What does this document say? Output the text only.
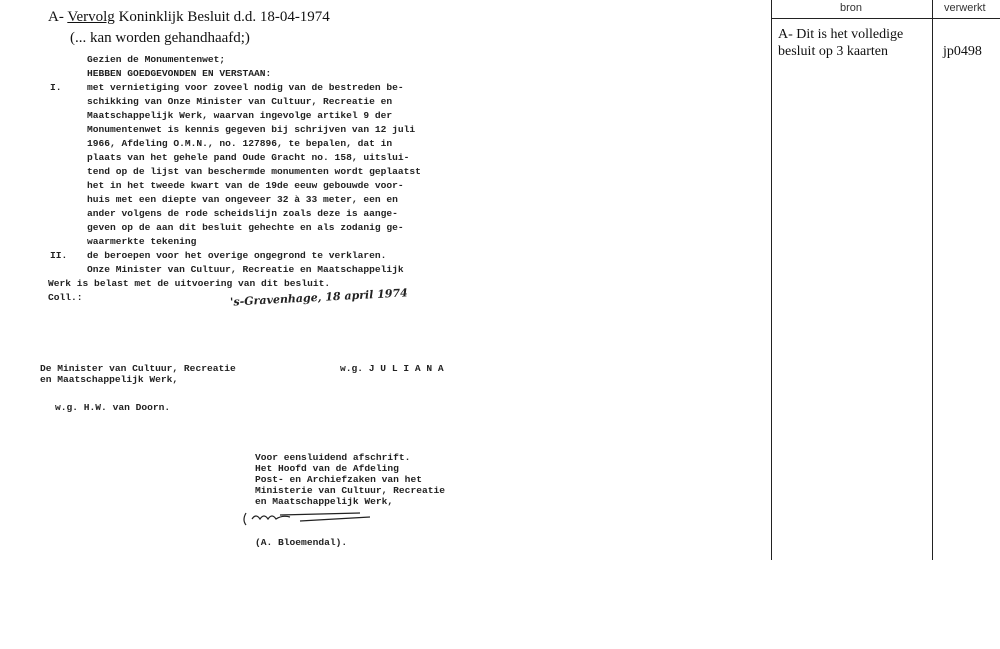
A- Vervolg Koninklijk Besluit d.d. 18-04-1974
(... kan worden gehandhaafd;)

Gezien de Monumentenwet;

HEBBEN GOEDGEVONDEN EN VERSTAAN:

I.

	met vernietiging voor zoveel nodig van de bestreden be-

schikking van Onze Minister van Cultuur, Recreatie en

Maatschappelijk Werk, waarvan ingevolge artikel 9 der

Monumentenwet is kennis gegeven bij schrijven van 12 juli

1966, Afdeling O.M.N., no. 127896, te bepalen, dat in

plaats van het gehele pand Oude Gracht no. 158, uitslui-

tend op de lijst van beschermde monumenten wordt geplaatst

het in het tweede kwart van de 19de eeuw gebouwde voor-

huis met een diepte van ongeveer 32 à 33 meter, een en

ander volgens de rode scheidslijn zoals deze is aange-

geven op de aan dit besluit gehechte en als zodanig ge-

waarmerkte tekening

II.

de beroepen voor het overige ongegrond te verklaren.

Onze Minister van Cultuur, Recreatie en Maatschappelijk

Werk is belast met de uitvoering van dit besluit.

Coll.:

	's-Gravenhage, 18 april 1974

De Minister van Cultuur, Recreatie

en Maatschappelijk Werk,

w.g. J U L I A N A

w.g. H.W. van Doorn.

Voor eensluidend afschrift.

Het Hoofd van de Afdeling

Post- en Archiefzaken van het

Ministerie van Cultuur, Recreatie

en Maatschappelijk Werk,

(A. Bloemendal).

bron	verwerkt
A- Dit is het volledige
besluit op 3 kaarten	jp0498
